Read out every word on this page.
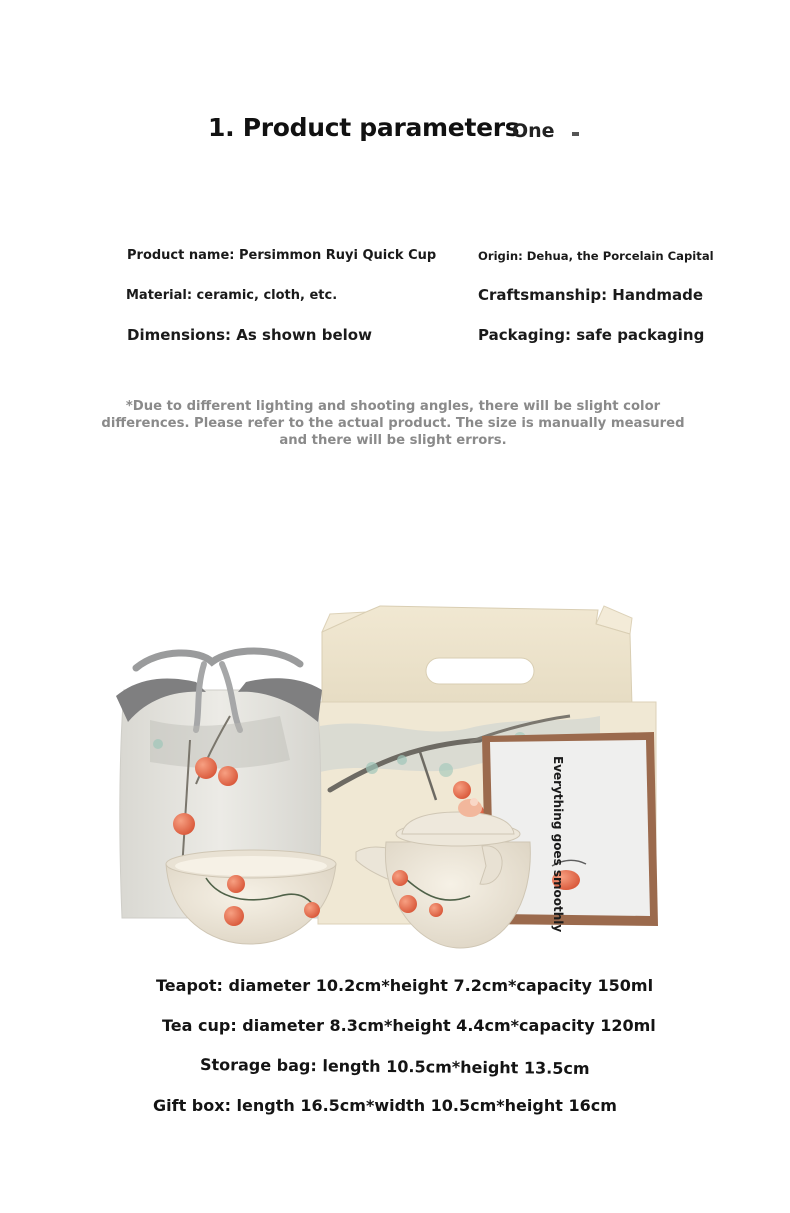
1. Product parameters
One
Product name: Persimmon Ruyi Quick Cup	Origin: Dehua, the Porcelain Capital
Material: ceramic, cloth, etc.	Craftsmanship: Handmade
Dimensions: As shown below	Packaging: safe packaging
*Due to different lighting and shooting angles, there will be slight color differences. Please refer to the actual product. The size is manually measured and there will be slight errors.
Everything goes smoothly
Teapot: diameter 10.2cm*height 7.2cm*capacity 150ml
Tea cup: diameter 8.3cm*height 4.4cm*capacity 120ml
Storage bag: length 10.5cm*height 13.5cm
Gift box: length 16.5cm*width 10.5cm*height 16cm
